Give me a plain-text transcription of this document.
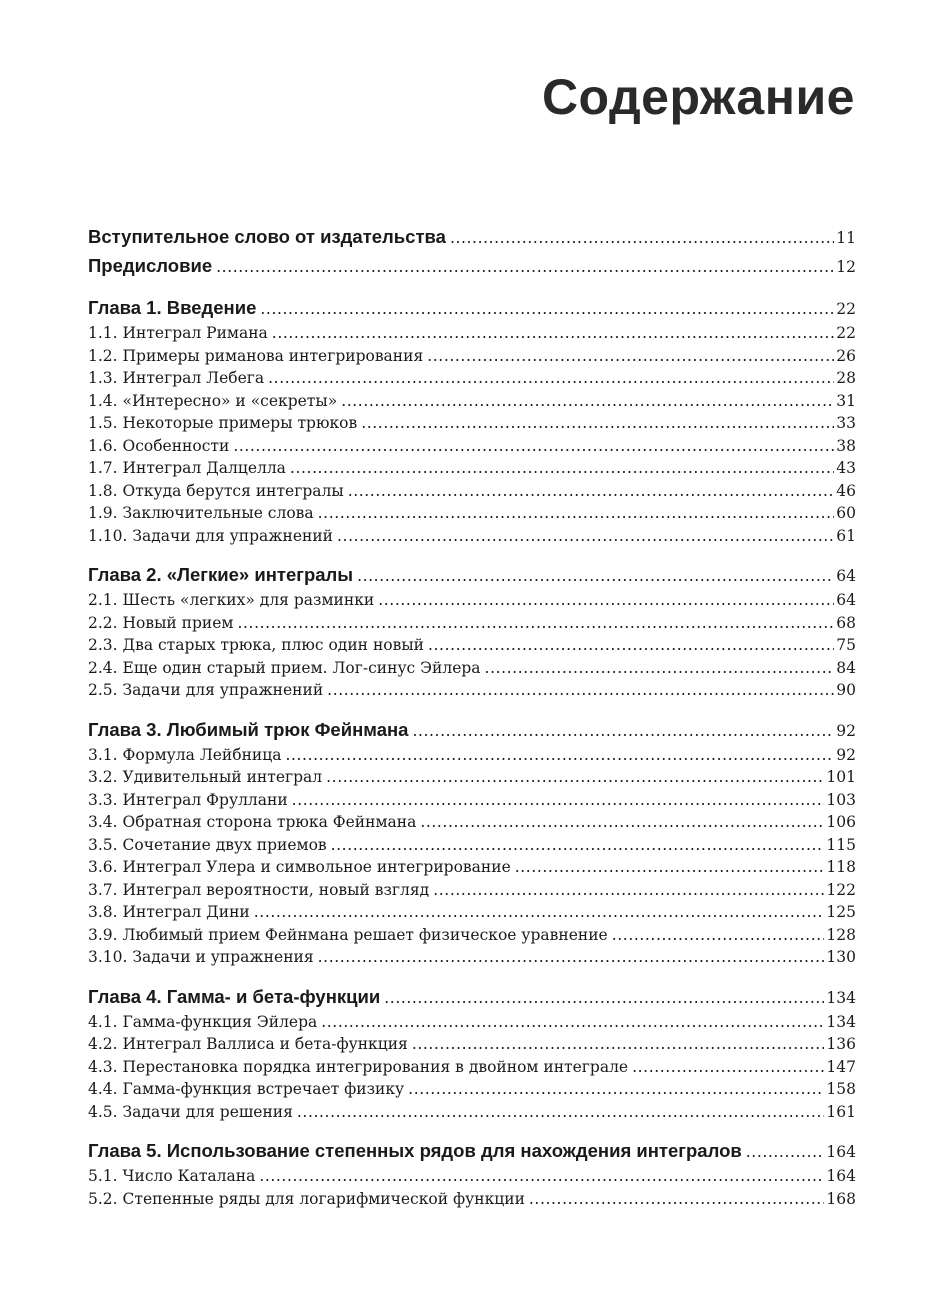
Содержание
Вступительное слово от издательства .....	11
Предисловие .....	12
Глава 1. Введение .....	22
1.1. Интеграл Римана .....	22
1.2. Примеры риманова интегрирования .....	26
1.3. Интеграл Лебега .....	28
1.4. «Интересно» и «секреты» .....	31
1.5. Некоторые примеры трюков .....	33
1.6. Особенности .....	38
1.7. Интеграл Далцелла .....	43
1.8. Откуда берутся интегралы .....	46
1.9. Заключительные слова .....	60
1.10. Задачи для упражнений .....	61
Глава 2. «Легкие» интегралы .....	64
2.1. Шесть «легких» для разминки .....	64
2.2. Новый прием .....	68
2.3. Два старых трюка, плюс один новый .....	75
2.4. Еще один старый прием. Лог-синус Эйлера .....	84
2.5. Задачи для упражнений .....	90
Глава 3. Любимый трюк Фейнмана .....	92
3.1. Формула Лейбница .....	92
3.2. Удивительный интеграл .....	101
3.3. Интеграл Фруллани .....	103
3.4. Обратная сторона трюка Фейнмана .....	106
3.5. Сочетание двух приемов .....	115
3.6. Интеграл Улера и символьное интегрирование .....	118
3.7. Интеграл вероятности, новый взгляд .....	122
3.8. Интеграл Дини .....	125
3.9. Любимый прием Фейнмана решает физическое уравнение .....	128
3.10. Задачи и упражнения .....	130
Глава 4. Гамма- и бета-функции .....	134
4.1. Гамма-функция Эйлера .....	134
4.2. Интеграл Валлиса и бета-функция .....	136
4.3. Перестановка порядка интегрирования в двойном интеграле .....	147
4.4. Гамма-функция встречает физику .....	158
4.5. Задачи для решения .....	161
Глава 5. Использование степенных рядов для нахождения интегралов .....	164
5.1. Число Каталана .....	164
5.2. Степенные ряды для логарифмической функции .....	168
